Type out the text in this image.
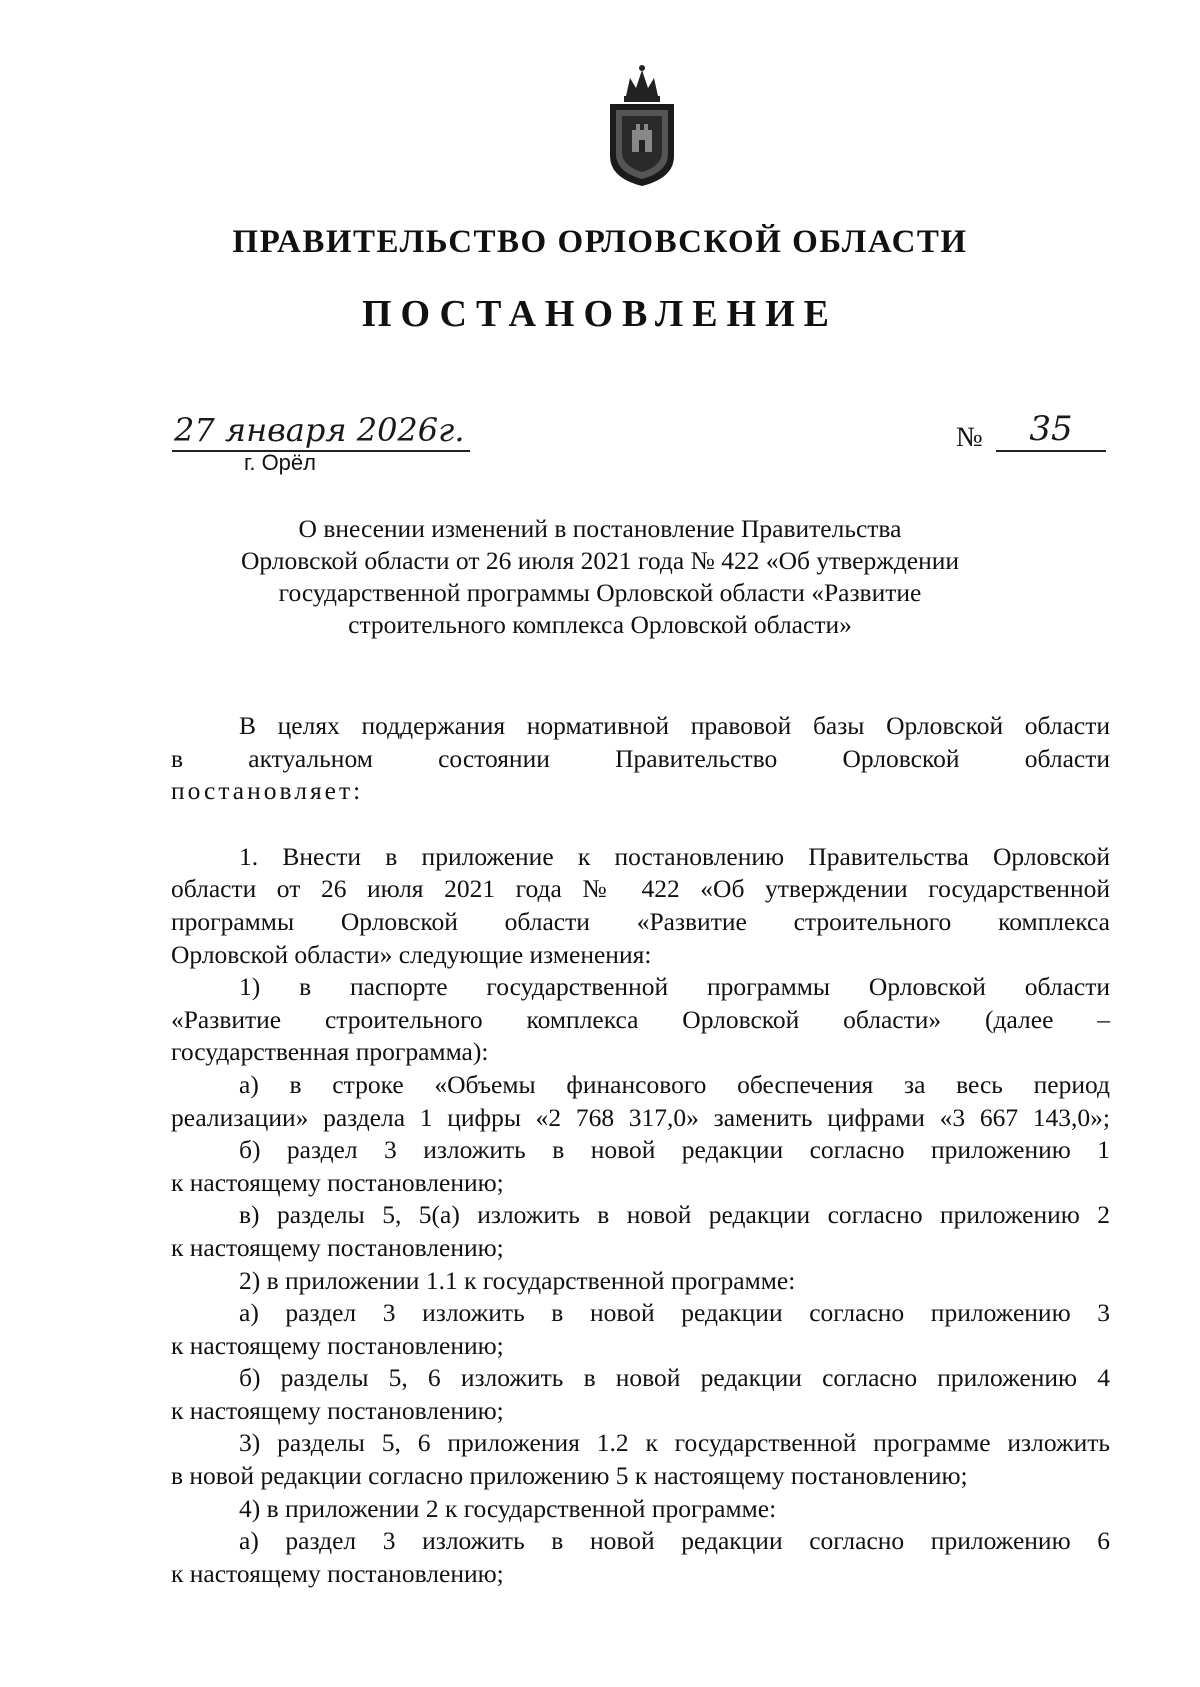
ПРАВИТЕЛЬСТВО ОРЛОВСКОЙ ОБЛАСТИ
ПОСТАНОВЛЕНИЕ
27 января 2026г.
г. Орёл
№	35
О внесении изменений в постановление Правительства
Орловской области от 26 июля 2021 года № 422 «Об утверждении
государственной программы Орловской области «Развитие
строительного комплекса Орловской области»
В целях поддержания нормативной правовой базы Орловской области
в актуальном состоянии Правительство Орловской области
постановляет:
1. Внести в приложение к постановлению Правительства Орловской
области от 26 июля 2021 года № 422 «Об утверждении государственной
программы Орловской области «Развитие строительного комплекса
Орловской области» следующие изменения:
1) в паспорте государственной программы Орловской области
«Развитие строительного комплекса Орловской области» (далее –
государственная программа):
а) в строке «Объемы финансового обеспечения за весь период
реализации» раздела 1 цифры «2 768 317,0» заменить цифрами «3 667 143,0»;
б) раздел 3 изложить в новой редакции согласно приложению 1
к настоящему постановлению;
в) разделы 5, 5(а) изложить в новой редакции согласно приложению 2
к настоящему постановлению;
2) в приложении 1.1 к государственной программе:
а) раздел 3 изложить в новой редакции согласно приложению 3
к настоящему постановлению;
б) разделы 5, 6 изложить в новой редакции согласно приложению 4
к настоящему постановлению;
3) разделы 5, 6 приложения 1.2 к государственной программе изложить
в новой редакции согласно приложению 5 к настоящему постановлению;
4) в приложении 2 к государственной программе:
а) раздел 3 изложить в новой редакции согласно приложению 6
к настоящему постановлению;
